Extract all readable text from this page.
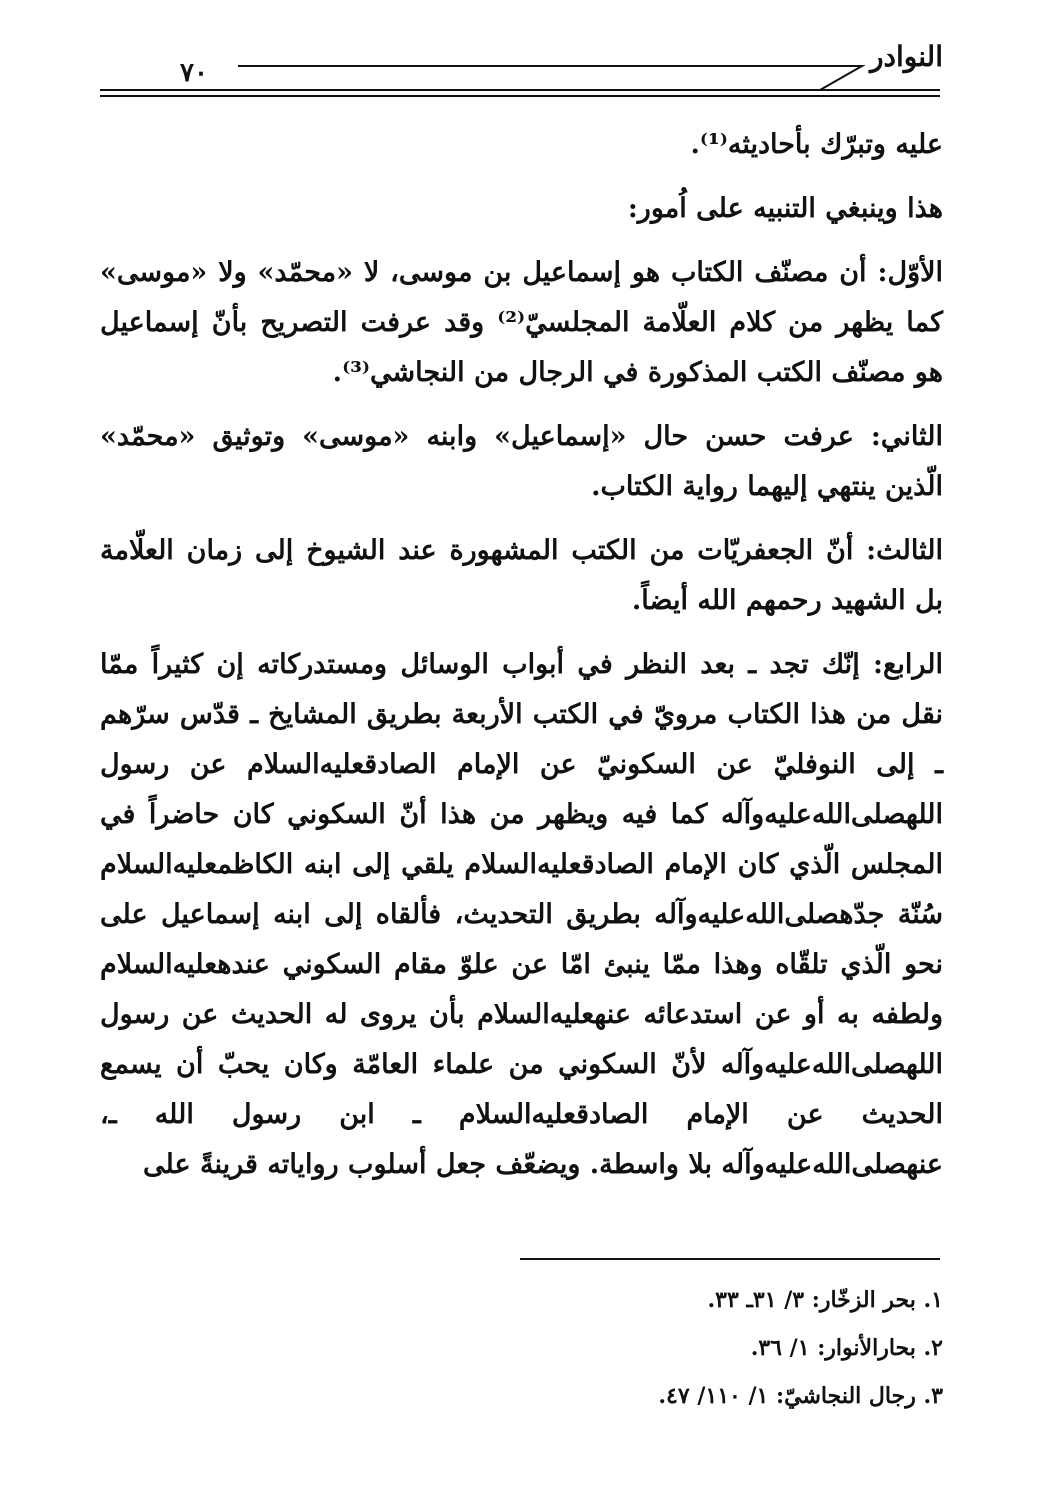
النوادر
٧٠

عليه وتبرّك بأحاديثه⁽¹⁾.

هذا وينبغي التنبيه على اُمور:

الأوّل: أن مصنّف الكتاب هو إسماعيل بن موسى، لا «محمّد» ولا «موسى» كما يظهر من كلام العلّامة المجلسيّ⁽²⁾ وقد عرفت التصريح بأنّ إسماعيل هو مصنّف الكتب المذكورة في الرجال من النجاشي⁽³⁾.

الثاني: عرفت حسن حال «إسماعيل» وابنه «موسى» وتوثيق «محمّد» الّذين ينتهي إليهما رواية الكتاب.

الثالث: أنّ الجعفريّات من الكتب المشهورة عند الشيوخ إلى زمان العلّامة بل الشهيد رحمهم الله أيضاً.

الرابع: إنّك تجد ـ بعد النظر في أبواب الوسائل ومستدركاته إن كثيراً ممّا نقل من هذا الكتاب مرويّ في الكتب الأربعة بطريق المشايخ ـ قدّس سرّهم ـ إلى النوفليّ عن السكونيّ عن الإمام الصادقعليه‌السلام عن رسول اللهصلى‌الله‌عليه‌وآله كما فيه ويظهر من هذا أنّ السكوني كان حاضراً في المجلس الّذي كان الإمام الصادقعليه‌السلام يلقي إلى ابنه الكاظمعليه‌السلام سُنّة جدّهصلى‌الله‌عليه‌وآله بطريق التحديث، فألقاه إلى ابنه إسماعيل على نحو الّذي تلقّاه وهذا ممّا ينبئ امّا عن علوّ مقام السكوني عندهعليه‌السلام ولطفه به أو عن استدعائه عنهعليه‌السلام بأن يروى له الحديث عن رسول اللهصلى‌الله‌عليه‌وآله لأنّ السكوني من علماء العامّة وكان يحبّ أن يسمع الحديث عن الإمام الصادقعليه‌السلام ـ ابن رسول الله ـ، عنهصلى‌الله‌عليه‌وآله بلا واسطة. ويضعّف جعل أسلوب رواياته قرينةً على

١. بحر الزخّار: ٣/ ٣١ـ ٣٣.

٢. بحارالأنوار: ١/ ٣٦.

٣. رجال النجاشيّ: ١/ ١١٠/ ٤٧.
